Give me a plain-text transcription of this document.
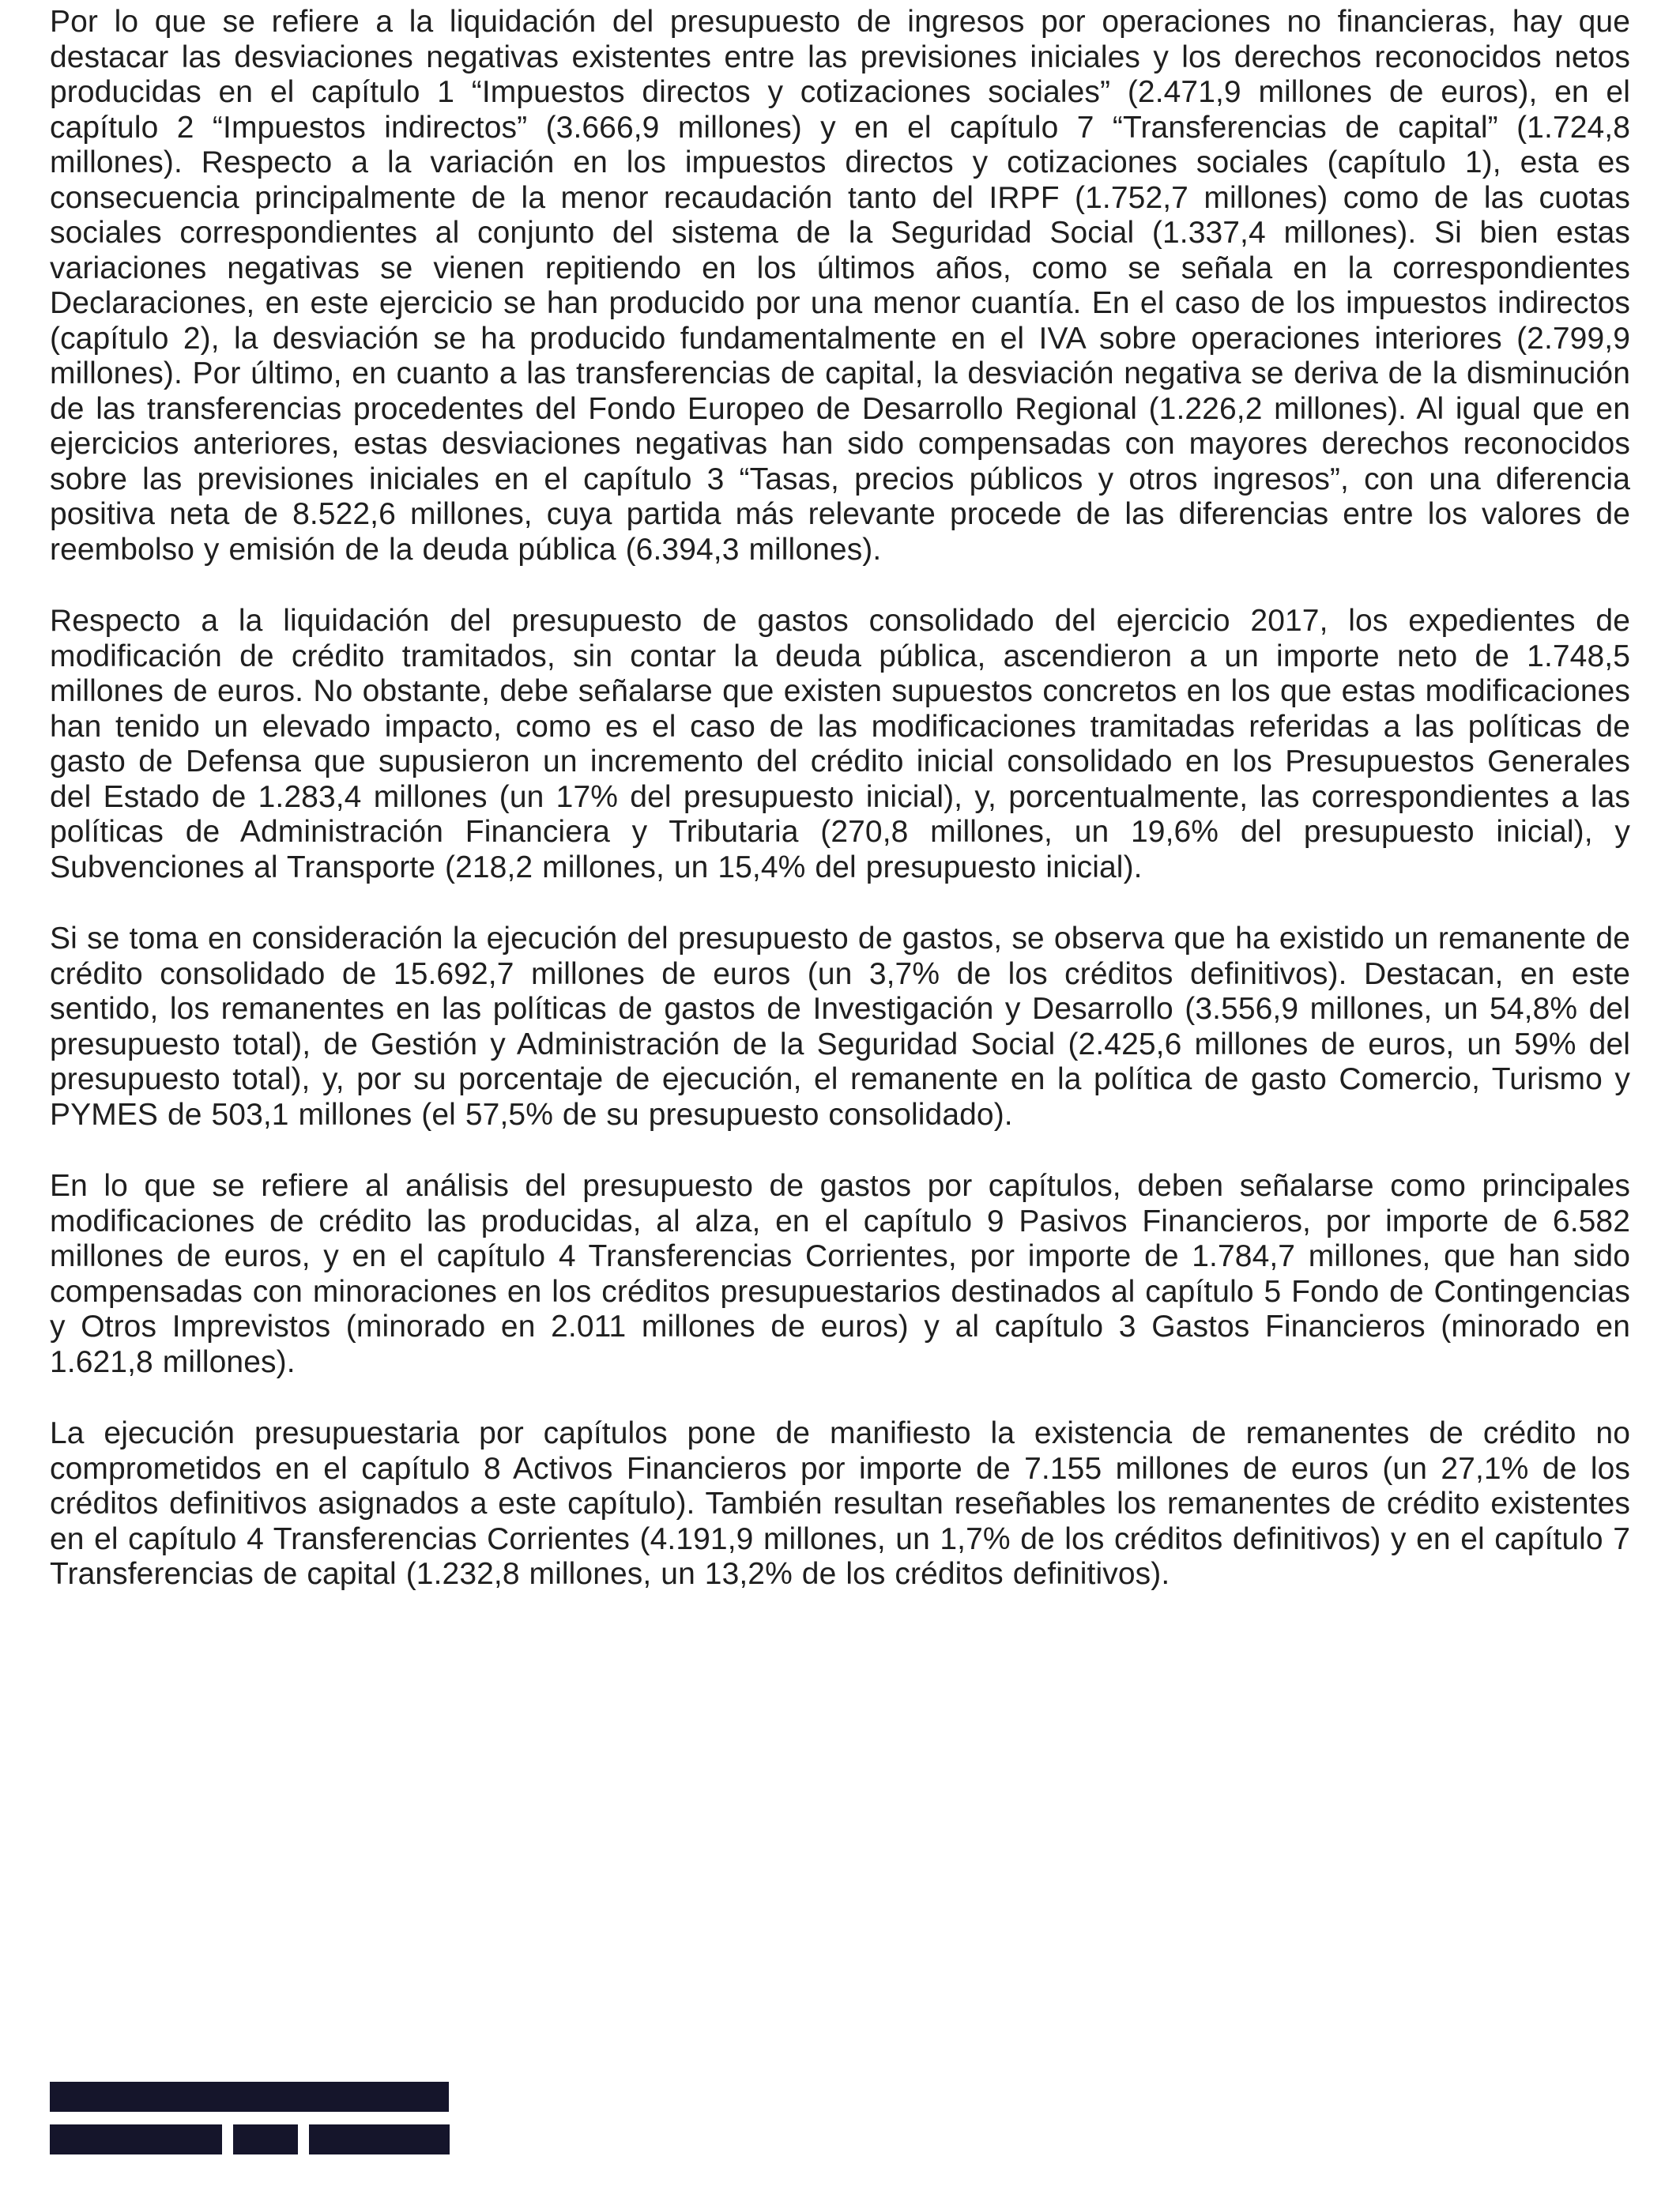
Por lo que se refiere a la liquidación del presupuesto de ingresos por operaciones no financieras, hay que destacar las desviaciones negativas existentes entre las previsiones iniciales y los derechos reconocidos netos producidas en el capítulo 1 “Impuestos directos y cotizaciones sociales” (2.471,9 millones de euros), en el capítulo 2 “Impuestos indirectos” (3.666,9 millones) y en el capítulo 7 “Transferencias de capital” (1.724,8 millones). Respecto a la variación en los impuestos directos y cotizaciones sociales (capítulo 1), esta es consecuencia principalmente de la menor recaudación tanto del IRPF (1.752,7 millones) como de las cuotas sociales correspondientes al conjunto del sistema de la Seguridad Social (1.337,4 millones). Si bien estas variaciones negativas se vienen repitiendo en los últimos años, como se señala en la correspondientes Declaraciones, en este ejercicio se han producido por una menor cuantía. En el caso de los impuestos indirectos (capítulo 2), la desviación se ha producido fundamentalmente en el IVA sobre operaciones interiores (2.799,9 millones). Por último, en cuanto a las transferencias de capital, la desviación negativa se deriva de la disminución de las transferencias procedentes del Fondo Europeo de Desarrollo Regional (1.226,2 millones). Al igual que en ejercicios anteriores, estas desviaciones negativas han sido compensadas con mayores derechos reconocidos sobre las previsiones iniciales en el capítulo 3 “Tasas, precios públicos y otros ingresos”, con una diferencia positiva neta de 8.522,6 millones, cuya partida más relevante procede de las diferencias entre los valores de reembolso y emisión de la deuda pública (6.394,3 millones).

Respecto a la liquidación del presupuesto de gastos consolidado del ejercicio 2017, los expedientes de modificación de crédito tramitados, sin contar la deuda pública, ascendieron a un importe neto de 1.748,5 millones de euros. No obstante, debe señalarse que existen supuestos concretos en los que estas modificaciones han tenido un elevado impacto, como es el caso de las modificaciones tramitadas referidas a las políticas de gasto de Defensa que supusieron un incremento del crédito inicial consolidado en los Presupuestos Generales del Estado de 1.283,4 millones (un 17% del presupuesto inicial), y, porcentualmente, las correspondientes a las políticas de Administración Financiera y Tributaria (270,8 millones, un 19,6% del presupuesto inicial), y Subvenciones al Transporte (218,2 millones, un 15,4% del presupuesto inicial).

Si se toma en consideración la ejecución del presupuesto de gastos, se observa que ha existido un remanente de crédito consolidado de 15.692,7 millones de euros (un 3,7% de los créditos definitivos). Destacan, en este sentido, los remanentes en las políticas de gastos de Investigación y Desarrollo (3.556,9 millones, un 54,8% del presupuesto total), de Gestión y Administración de la Seguridad Social (2.425,6 millones de euros, un 59% del presupuesto total), y, por su porcentaje de ejecución, el remanente en la política de gasto Comercio, Turismo y PYMES de 503,1 millones (el 57,5% de su presupuesto consolidado).

En lo que se refiere al análisis del presupuesto de gastos por capítulos, deben señalarse como principales modificaciones de crédito las producidas, al alza, en el capítulo 9 Pasivos Financieros, por importe de 6.582 millones de euros, y en el capítulo 4 Transferencias Corrientes, por importe de 1.784,7 millones, que han sido compensadas con minoraciones en los créditos presupuestarios destinados al capítulo 5 Fondo de Contingencias y Otros Imprevistos (minorado en 2.011 millones de euros) y al capítulo 3 Gastos Financieros (minorado en 1.621,8 millones).

La ejecución presupuestaria por capítulos pone de manifiesto la existencia de remanentes de crédito no comprometidos en el capítulo 8 Activos Financieros por importe de 7.155 millones de euros (un 27,1% de los créditos definitivos asignados a este capítulo). También resultan reseñables los remanentes de crédito existentes en el capítulo 4 Transferencias Corrientes (4.191,9 millones, un 1,7% de los créditos definitivos) y en el capítulo 7 Transferencias de capital (1.232,8 millones, un 13,2% de los créditos definitivos).
